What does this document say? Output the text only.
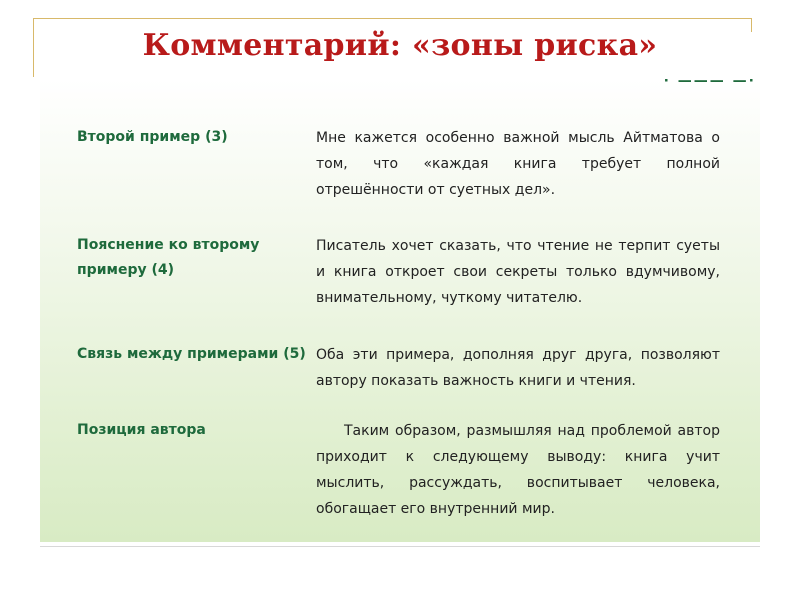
Комментарий: «зоны риска»
· ——— —·
Второй пример (3)	Мне кажется особенно важной мысль Айтматова о том, что «каждая книга требует полной отрешённости от суетных дел».
Пояснение ко второму примеру (4)
Писатель хочет сказать, что чтение не терпит суеты и книга откроет свои секреты только вдумчивому, внимательному, чуткому читателю.
Связь между примерами (5) Оба эти примера, дополняя друг друга, позволяют автору показать важность книги и чтения.
Позиция автора	Таким образом, размышляя над проблемой автор приходит к следующему выводу: книга учит мыслить, рассуждать, воспитывает человека, обогащает его внутренний мир.
